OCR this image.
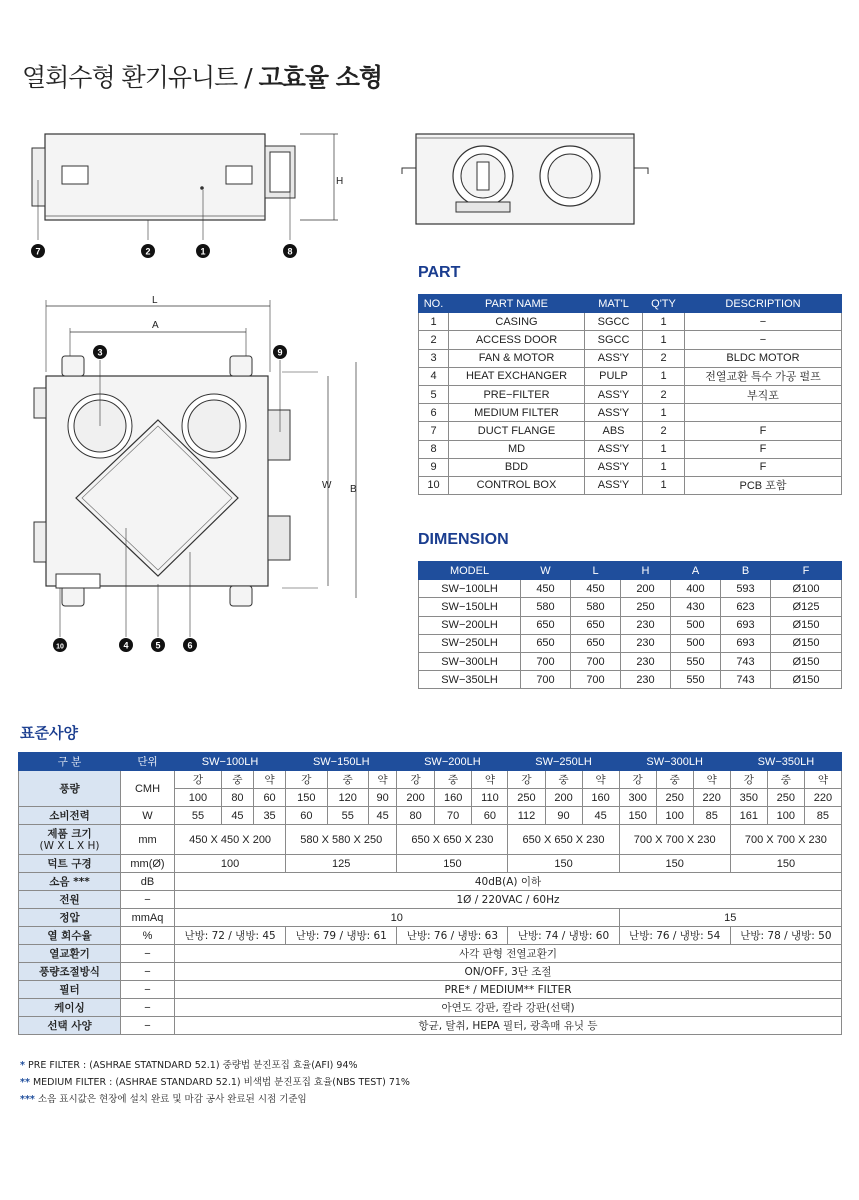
열회수형 환기유니트 / 고효율 소형
H
7	2	1	8
L
A
W B
3	9
10	4	5	6
PART
NO.	PART NAME	MAT'L	Q'TY	DESCRIPTION
1	CASING	SGCC	1	−
2	ACCESS DOOR	SGCC	1	−
3	FAN & MOTOR	ASS'Y	2	BLDC MOTOR
4	HEAT EXCHANGER	PULP	1	전열교환 특수 가공 펄프
5	PRE−FILTER	ASS'Y	2	부직포
6	MEDIUM FILTER	ASS'Y	1	
7	DUCT FLANGE	ABS	2	F
8	MD	ASS'Y	1	F
9	BDD	ASS'Y	1	F
10	CONTROL BOX	ASS'Y	1	PCB 포함
DIMENSION
MODEL	W	L	H	A	B	F
SW−100LH	450	450	200	400	593	Ø100
SW−150LH	580	580	250	430	623	Ø125
SW−200LH	650	650	230	500	693	Ø150
SW−250LH	650	650	230	500	693	Ø150
SW−300LH	700	700	230	550	743	Ø150
SW−350LH	700	700	230	550	743	Ø150
표준사양
구 분	단위	SW−100LH			SW−150LH			SW−200LH			SW−250LH			SW−300LH			SW−350LH		
풍량	CMH	강	중	약	강	중	약	강	중	약	강	중	약	강	중	약	강	중	약
		100	80	60	150	120	90	200	160	110	250	200	160	300	250	220	350	250	220
소비전력	W	55	45	35	60	55	45	80	70	60	112	90	45	150	100	85	161	100	85

제품 크기
(W X L X H)	mm	450 X 450 X 200			580 X 580 X 250			650 X 650 X 230			650 X 650 X 230			700 X 700 X 230			700 X 700 X 230		
덕트 구경	mm(Ø)	100			125			150			150			150			150		
소음 ***	dB	40dB(A) 이하																	
전원	−	1Ø / 220VAC / 60Hz																	
정압	mmAq	10												15					
열 회수율	%	난방: 72 / 냉방: 45			난방: 79 / 냉방: 61			난방: 76 / 냉방: 63			난방: 74 / 냉방: 60			난방: 76 / 냉방: 54			난방: 78 / 냉방: 50		
열교환기	−	사각 판형 전열교환기																	
풍량조절방식	−	ON/OFF, 3단 조절																	
필터	−	PRE* / MEDIUM** FILTER																	
케이싱	−	아연도 강판, 칼라 강판(선택)																	
선택 사양	−	항균, 탈취, HEPA 필터, 광촉매 유닛 등																	
* PRE FILTER : (ASHRAE STATNDARD 52.1) 중량법 분진포집 효율(AFI) 94%
** MEDIUM FILTER : (ASHRAE STANDARD 52.1) 비색법 분진포집 효율(NBS TEST) 71%
*** 소음 표시값은 현장에 설치 완료 및 마감 공사 완료된 시점 기준임
